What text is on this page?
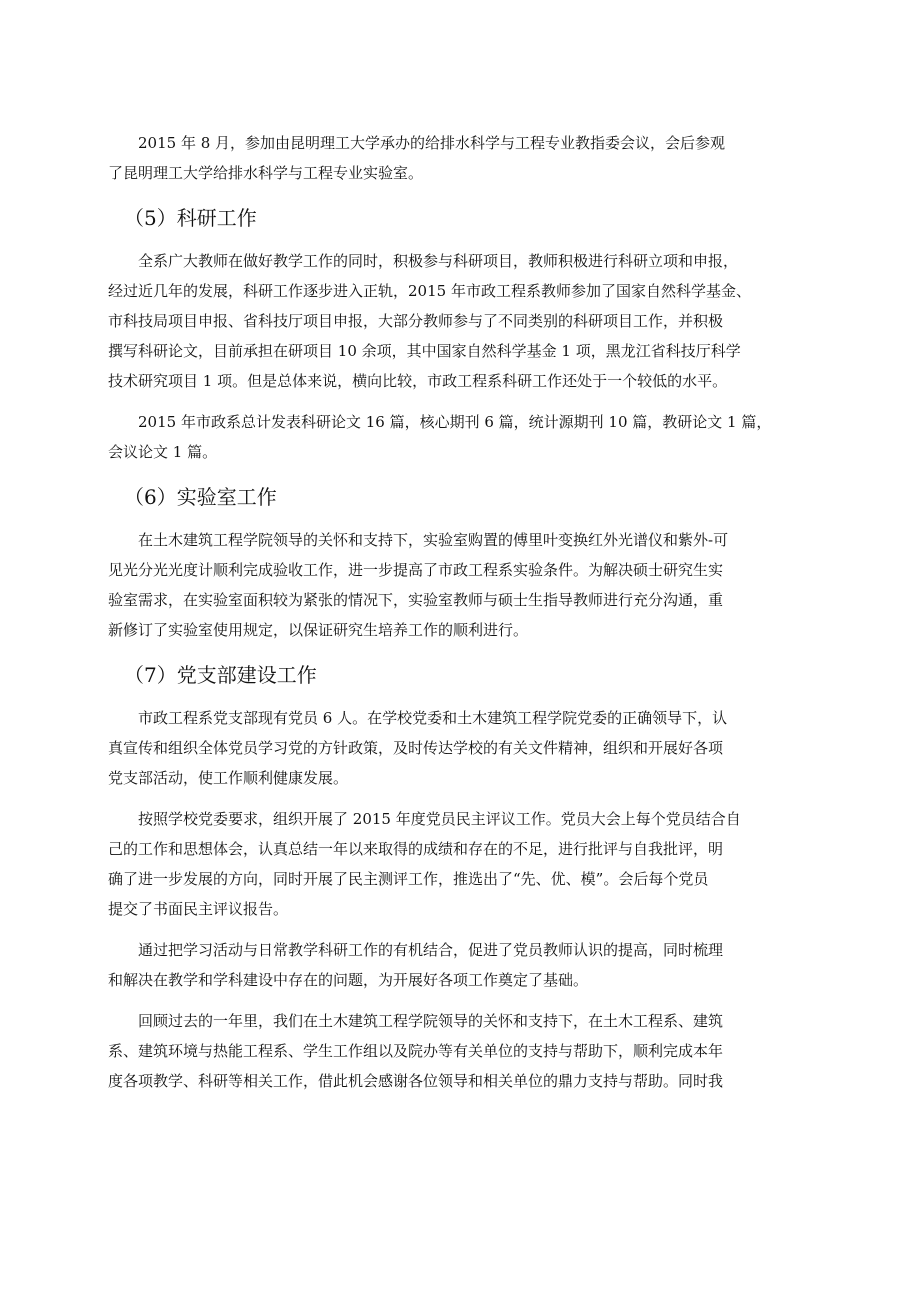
2015 年 8 月，参加由昆明理工大学承办的给排水科学与工程专业教指委会议，会后参观
了昆明理工大学给排水科学与工程专业实验室。

（5）科研工作

全系广大教师在做好教学工作的同时，积极参与科研项目，教师积极进行科研立项和申报，
经过近几年的发展，科研工作逐步进入正轨，2015 年市政工程系教师参加了国家自然科学基金、
市科技局项目申报、省科技厅项目申报，大部分教师参与了不同类别的科研项目工作，并积极
撰写科研论文，目前承担在研项目 10 余项，其中国家自然科学基金 1 项，黑龙江省科技厅科学
技术研究项目 1 项。但是总体来说，横向比较，市政工程系科研工作还处于一个较低的水平。

2015 年市政系总计发表科研论文 16 篇，核心期刊 6 篇，统计源期刊 10 篇，教研论文 1 篇，
会议论文 1 篇。

（6）实验室工作

在土木建筑工程学院领导的关怀和支持下，实验室购置的傅里叶变换红外光谱仪和紫外-可
见光分光光度计顺利完成验收工作，进一步提高了市政工程系实验条件。为解决硕士研究生实
验室需求，在实验室面积较为紧张的情况下，实验室教师与硕士生指导教师进行充分沟通，重
新修订了实验室使用规定，以保证研究生培养工作的顺利进行。

（7）党支部建设工作

市政工程系党支部现有党员 6 人。在学校党委和土木建筑工程学院党委的正确领导下，认
真宣传和组织全体党员学习党的方针政策，及时传达学校的有关文件精神，组织和开展好各项
党支部活动，使工作顺利健康发展。

按照学校党委要求，组织开展了 2015 年度党员民主评议工作。党员大会上每个党员结合自
己的工作和思想体会，认真总结一年以来取得的成绩和存在的不足，进行批评与自我批评，明
确了进一步发展的方向，同时开展了民主测评工作，推选出了“先、优、模”。会后每个党员
提交了书面民主评议报告。

通过把学习活动与日常教学科研工作的有机结合，促进了党员教师认识的提高，同时梳理
和解决在教学和学科建设中存在的问题，为开展好各项工作奠定了基础。

回顾过去的一年里，我们在土木建筑工程学院领导的关怀和支持下，在土木工程系、建筑
系、建筑环境与热能工程系、学生工作组以及院办等有关单位的支持与帮助下，顺利完成本年
度各项教学、科研等相关工作，借此机会感谢各位领导和相关单位的鼎力支持与帮助。同时我
